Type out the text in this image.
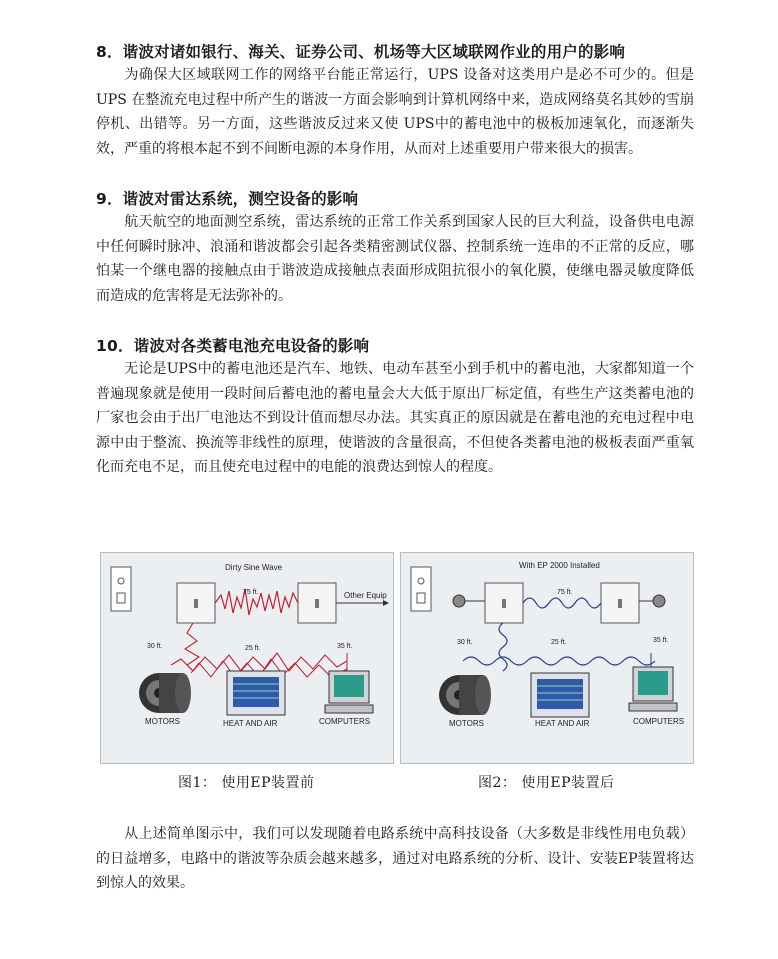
8．谐波对诸如银行、海关、证券公司、机场等大区域联网作业的用户的影响
为确保大区域联网工作的网络平台能正常运行，UPS 设备对这类用户是必不可少的。但是UPS 在整流充电过程中所产生的谐波一方面会影响到计算机网络中来，造成网络莫名其妙的雪崩停机、出错等。另一方面，这些谐波反过来又使 UPS中的蓄电池中的极板加速氧化，而逐渐失效，严重的将根本起不到不间断电源的本身作用，从而对上述重要用户带来很大的损害。
9．谐波对雷达系统，测空设备的影响
航天航空的地面测空系统，雷达系统的正常工作关系到国家人民的巨大利益，设备供电电源中任何瞬时脉冲、浪涌和谐波都会引起各类精密测试仪器、控制系统一连串的不正常的反应，哪怕某一个继电器的接触点由于谐波造成接触点表面形成阻抗很小的氧化膜，使继电器灵敏度降低而造成的危害将是无法弥补的。
10．谐波对各类蓄电池充电设备的影响
无论是UPS中的蓄电池还是汽车、地铁、电动车甚至小到手机中的蓄电池，大家都知道一个普遍现象就是使用一段时间后蓄电池的蓄电量会大大低于原出厂标定值，有些生产这类蓄电池的厂家也会由于出厂电池达不到设计值而想尽办法。其实真正的原因就是在蓄电池的充电过程中电源中由于整流、换流等非线性的原理，使谐波的含量很高，不但使各类蓄电池的极板表面严重氧化而充电不足，而且使充电过程中的电能的浪费达到惊人的程度。
Dirty Sine Wave
75 ft.	Other Equip
30 ft.	25 ft.	35 ft.
MOTORS	HEAT AND AIR	COMPUTERS
With EP 2000 Installed
75 ft.
30 ft.	25 ft.	35 ft.
MOTORS	HEAT AND AIR	COMPUTERS
图1： 使用EP装置前	图2： 使用EP装置后
从上述简单图示中，我们可以发现随着电路系统中高科技设备（大多数是非线性用电负载）的日益增多，电路中的谐波等杂质会越来越多，通过对电路系统的分析、设计、安装EP装置将达到惊人的效果。
